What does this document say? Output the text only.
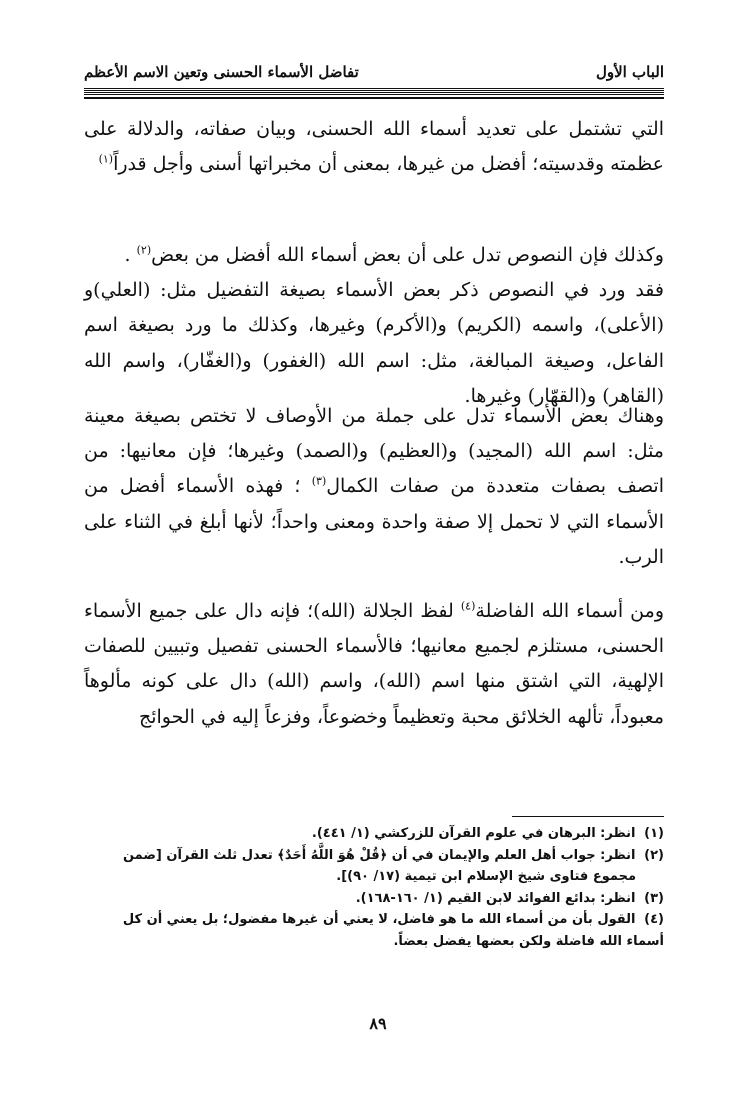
الباب الأول
تفاضل الأسماء الحسنى وتعين الاسم الأعظم

التي تشتمل على تعديد أسماء الله الحسنى، وبيان صفاته، والدلالة على عظمته وقدسيته؛ أفضل من غيرها، بمعنى أن مخبراتها أسنى وأجل قدراً$^{(١)}$

وكذلك فإن النصوص تدل على أن بعض أسماء الله أفضل من بعض$^{(٢)}$ .
فقد ورد في النصوص ذكر بعض الأسماء بصيغة التفضيل مثل: (العلي)و (الأعلى)، واسمه (الكريم) و(الأكرم) وغيرها، وكذلك ما ورد بصيغة اسم الفاعل، وصيغة المبالغة، مثل: اسم الله (الغفور) و(الغفّار)، واسم الله (القاهر) و(القهّار) وغيرها.

وهناك بعض الأسماء تدل على جملة من الأوصاف لا تختص بصيغة معينة مثل: اسم الله (المجيد) و(العظيم) و(الصمد) وغيرها؛ فإن معانيها: من اتصف بصفات متعددة من صفات الكمال$^{(٣)}$ ؛ فهذه الأسماء أفضل من الأسماء التي لا تحمل إلا صفة واحدة ومعنى واحداً؛ لأنها أبلغ في الثناء على الرب.

ومن أسماء الله الفاضلة$^{(٤)}$ لفظ الجلالة (الله)؛ فإنه دال على جميع الأسماء الحسنى، مستلزم لجميع معانيها؛ فالأسماء الحسنى تفصيل وتبيين للصفات الإلهية، التي اشتق منها اسم (الله)، واسم (الله) دال على كونه مألوهاً معبوداً، تألهه الخلائق محبة وتعظيماً وخضوعاً، وفزعاً إليه في الحوائج

(١) انظر: البرهان في علوم القرآن للزركشي (١/ ٤٤١).
(٢) انظر: جواب أهل العلم والإيمان في أن ﴿قُلْ هُوَ اللَّهُ أَحَدٌ﴾ تعدل ثلث القرآن [ضمن
مجموع فتاوى شيخ الإسلام ابن تيمية (١٧/ ٩٠)].
(٣) انظر: بدائع الفوائد لابن القيم (١/ ١٦٠-١٦٨).
(٤) القول بأن من أسماء الله ما هو فاضل، لا يعني أن غيرها مفضول؛ بل يعني أن كل
أسماء الله فاضلة ولكن بعضها يفضل بعضاً.
٨٩
